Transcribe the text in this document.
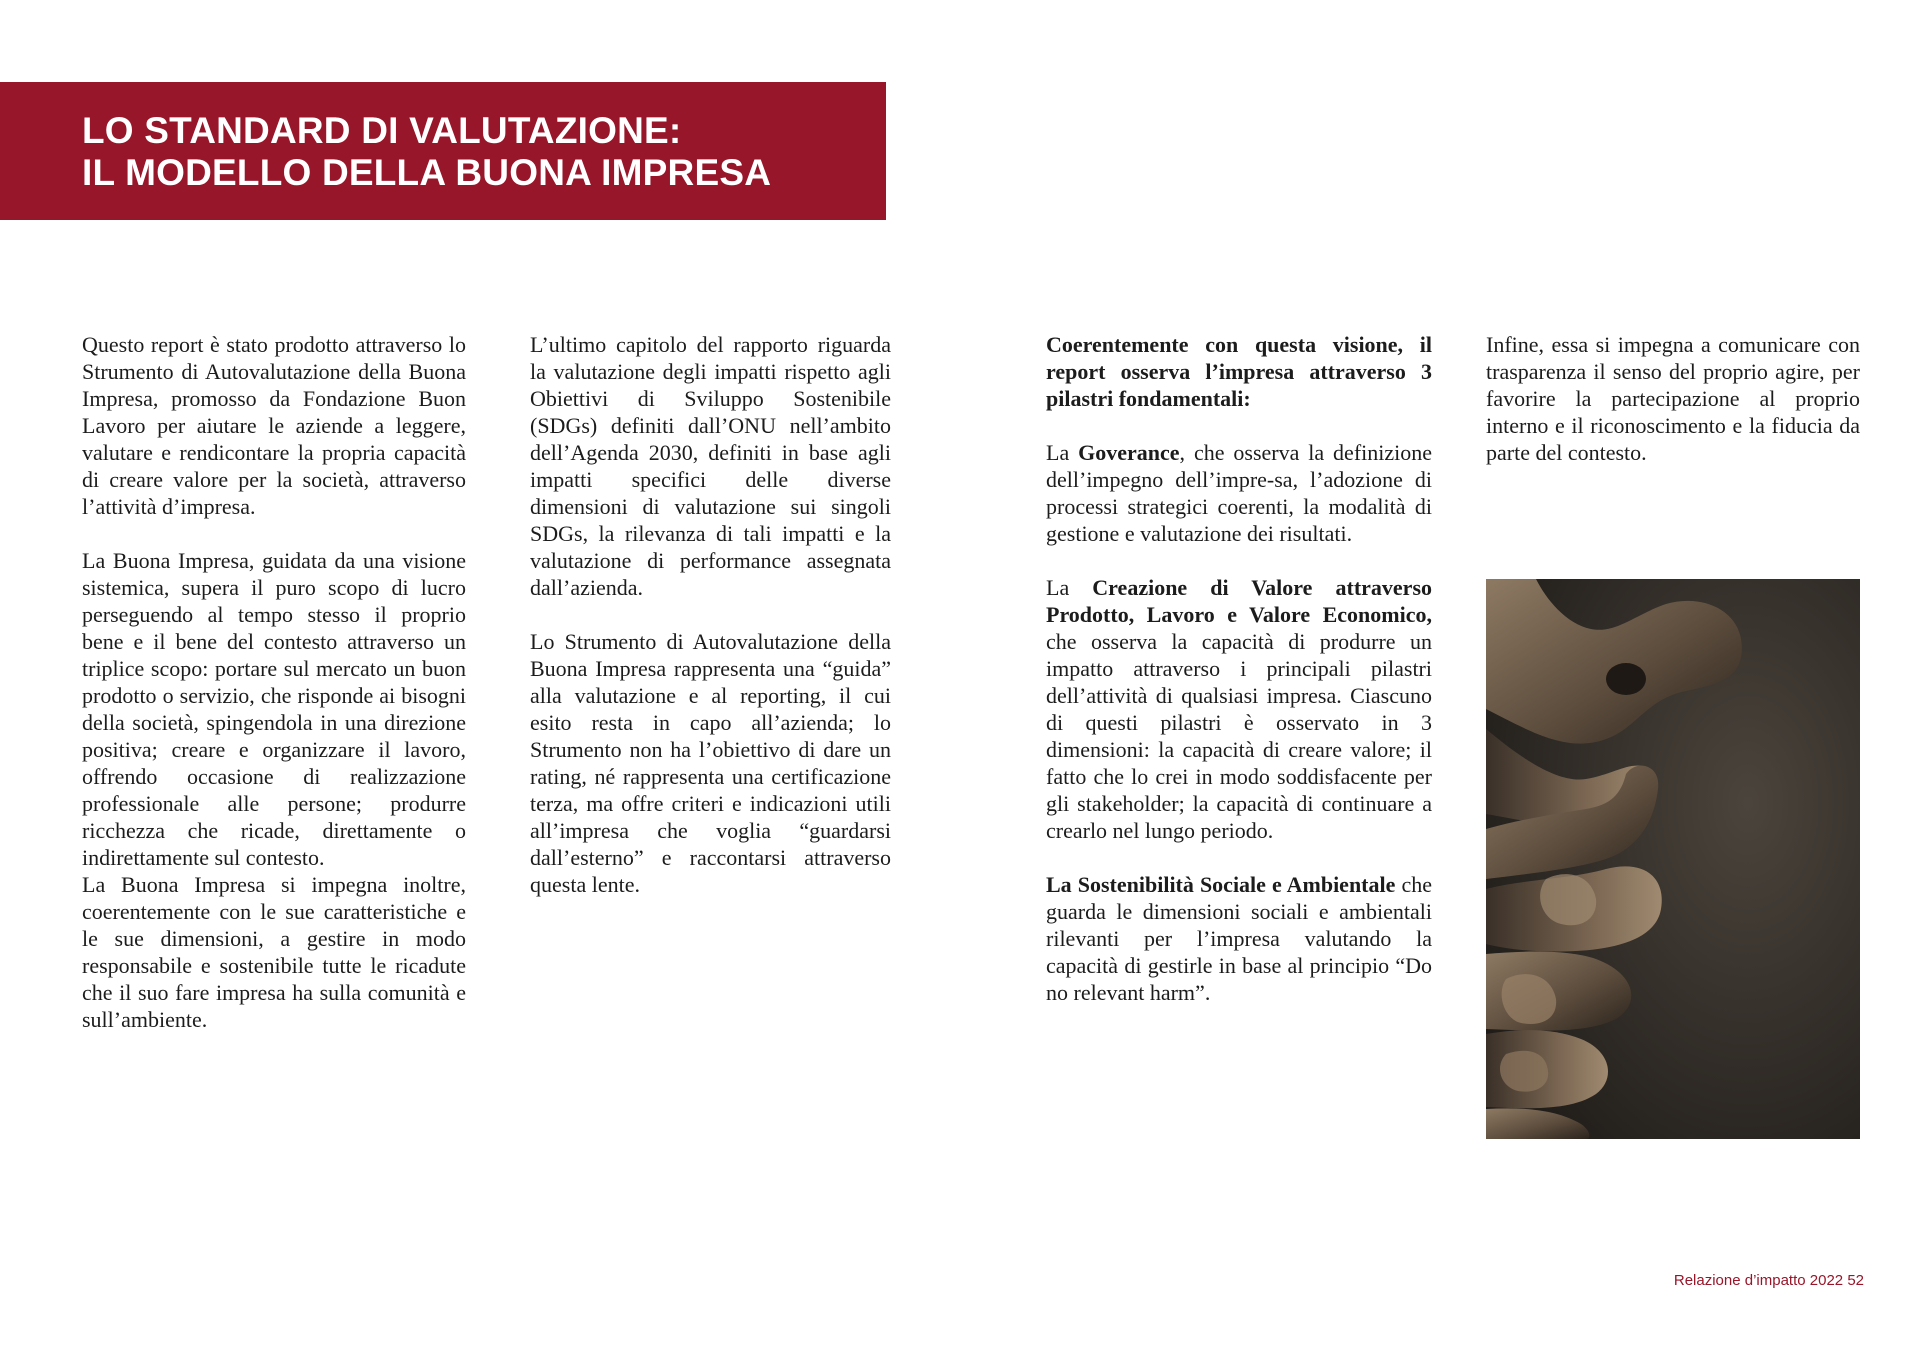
LO STANDARD DI VALUTAZIONE:
IL MODELLO DELLA BUONA IMPRESA

Questo report è stato prodotto attraverso lo Strumento di Autovalutazione della Buona Impresa, promosso da Fondazione Buon Lavoro per aiutare le aziende a leggere, valutare e rendicontare la propria capacità di creare valore per la società, attraverso l’attività d’impresa.

La Buona Impresa, guidata da una visione sistemica, supera il puro scopo di lucro perseguendo al tempo stesso il proprio bene e il bene del contesto attraverso un triplice scopo: portare sul mercato un buon prodotto o servizio, che risponde ai bisogni della società, spingendola in una direzione positiva; creare e organizzare il lavoro, offrendo occasione di realizzazione professionale alle persone; produrre ricchezza che ricade, direttamente o indirettamente sul contesto.

La Buona Impresa si impegna inoltre, coerentemente con le sue caratteristiche e le sue dimensioni, a gestire in modo responsabile e sostenibile tutte le ricadute che il suo fare impresa ha sulla comunità e sull’ambiente.

L’ultimo capitolo del rapporto riguarda la valutazione degli impatti rispetto agli Obiettivi di Sviluppo Sostenibile (SDGs) definiti dall’ONU nell’ambito dell’Agenda 2030, definiti in base agli impatti specifici delle diverse dimensioni di valutazione sui singoli SDGs, la rilevanza di tali impatti e la valutazione di performance assegnata dall’azienda.

Lo Strumento di Autovalutazione della Buona Impresa rappresenta una “guida” alla valutazione e al reporting, il cui esito resta in capo all’azienda; lo Strumento non ha l’obiettivo di dare un rating, né rappresenta una certificazione terza, ma offre criteri e indicazioni utili all’impresa che voglia “guardarsi dall’esterno” e raccontarsi attraverso questa lente.

Coerentemente con questa visione, il report osserva l’impresa attraverso 3 pilastri fondamentali:

La Goverance, che osserva la definizione dell’impegno dell’impre-sa, l’adozione di processi strategici coerenti, la modalità di gestione e valutazione dei risultati.

La Creazione di Valore attraverso Prodotto, Lavoro e Valore Economico, che osserva la capacità di produrre un impatto attraverso i principali pilastri dell’attività di qualsiasi impresa. Ciascuno di questi pilastri è osservato in 3 dimensioni: la capacità di creare valore; il fatto che lo crei in modo soddisfacente per gli stakeholder; la capacità di continuare a crearlo nel lungo periodo.

La Sostenibilità Sociale e Ambientale che guarda le dimensioni sociali e ambientali rilevanti per l’impresa valutando la capacità di gestirle in base al principio “Do no relevant harm”.

Infine, essa si impegna a comunicare con trasparenza il senso del proprio agire, per favorire la partecipazione al proprio interno e il riconoscimento e la fiducia da parte del contesto.

Relazione d’impatto 2022 52
